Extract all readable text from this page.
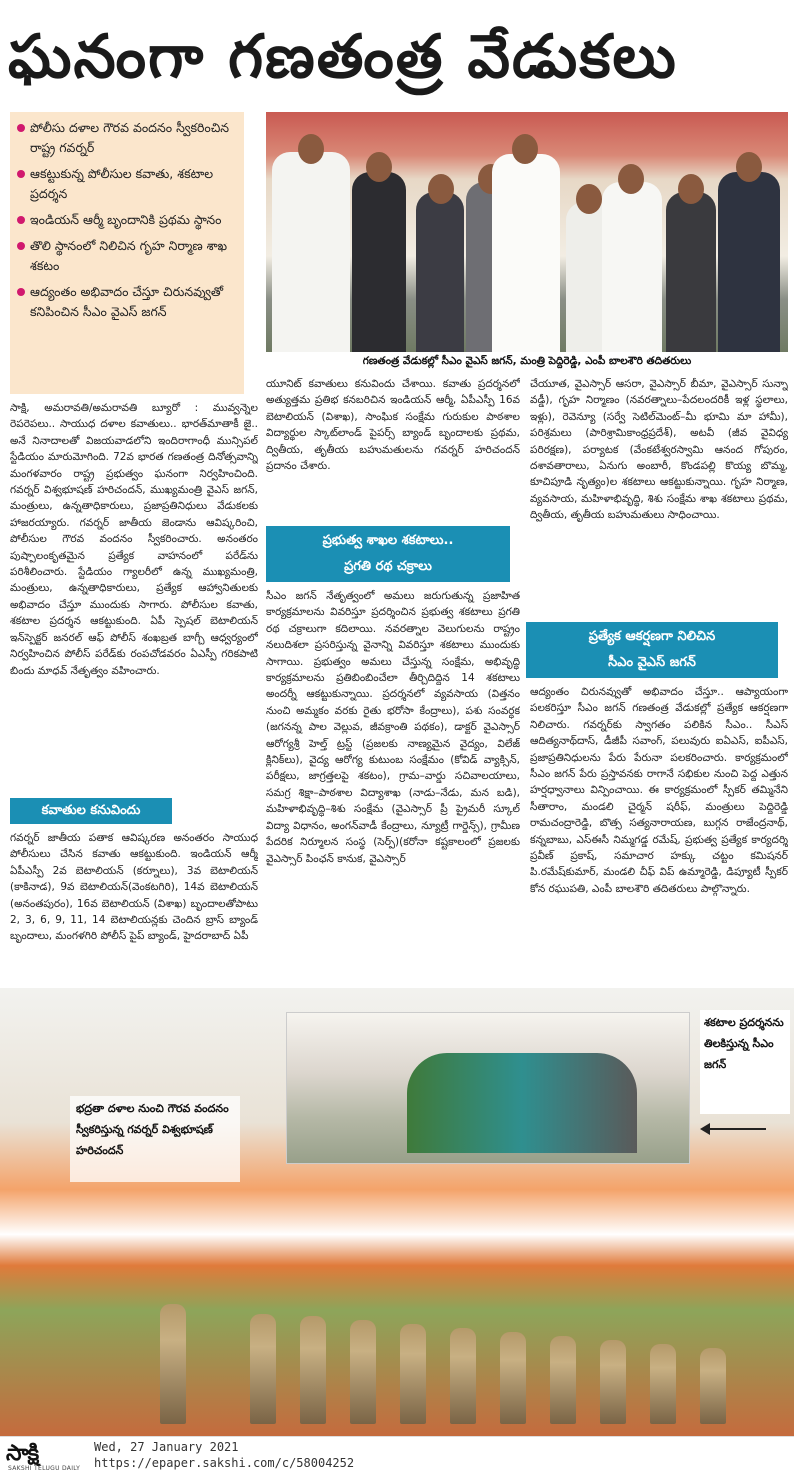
ఘనంగా గణతంత్ర వేడుకలు
పోలీసు దళాల గౌరవ వందనం స్వీకరించిన రాష్ట్ర గవర్నర్‌
ఆకట్టుకున్న పోలీసుల కవాతు, శకటాల ప్రదర్శన
ఇండియన్‌ ఆర్మీ బృందానికి ప్రథమ స్థానం
తొలి స్థానంలో నిలిచిన గృహ నిర్మాణ శాఖ శకటం
ఆద్యంతం అభివాదం చేస్తూ చిరునవ్వుతో కనిపించిన సీఎం వైఎస్‌ జగన్‌
గణతంత్ర వేడుకల్లో సీఎం వైఎస్‌ జగన్‌, మంత్రి పెద్దిరెడ్డి, ఎంపీ బాలశౌరి తదితరులు

సాక్షి, అమరావతి/అమరావతి బ్యూరో : మువ్వన్నెల రెపరెపలు.. సాయుధ దళాల కవాతులు.. భారత్‌మాతాకీ జై.. అనే నినాదాలతో విజయవాడలోని ఇందిరాగాంధీ మున్సిపల్‌ స్టేడియం మారుమోగింది. 72వ భారత గణతంత్ర దినోత్సవాన్ని మంగళవారం రాష్ట్ర ప్రభుత్వం ఘనంగా నిర్వహించింది. గవర్నర్‌ విశ్వభూషణ్‌ హరిచందన్‌, ముఖ్యమంత్రి వైఎస్‌ జగన్‌, మంత్రులు, ఉన్నతాధికారులు, ప్రజాప్రతినిధులు వేడుకలకు హాజరయ్యారు. గవర్నర్‌ జాతీయ జెండాను ఆవిష్కరించి, పోలీసుల గౌరవ వందనం స్వీకరించారు. అనంతరం పుష్పాలంకృతమైన ప్రత్యేక వాహనంలో పరేడ్‌ను పరిశీలించారు. స్టేడియం గ్యాలరీలో ఉన్న ముఖ్యమంత్రి, మంత్రులు, ఉన్నతాధికారులు, ప్రత్యేక ఆహ్వానితులకు అభివాదం చేస్తూ ముందుకు సాగారు. పోలీసుల కవాతు, శకటాల ప్రదర్శన ఆకట్టుకుంది. ఏపీ స్పెషల్‌ బెటాలియన్‌ ఇన్‌స్పెక్టర్‌ జనరల్‌ ఆఫ్‌ పోలీస్‌ శంఖబ్రత బాగ్చీ ఆధ్వర్యంలో నిర్వహించిన పోలీస్‌ పరేడ్‌కు రంపచోడవరం ఏఎస్పీ గరికపాటి బిందు మాధవ్‌ నేతృత్వం వహించారు.

కవాతుల కనువిందు

గవర్నర్‌ జాతీయ పతాక ఆవిష్కరణ అనంతరం సాయుధ పోలీసులు చేసిన కవాతు ఆకట్టుకుంది. ఇండియన్‌ ఆర్మీ ఏపీఎస్పీ 2వ బెటాలియన్‌ (కర్నూలు), 3వ బెటాలియన్‌ (కాకినాడ), 9వ బెటాలియన్‌(వెంకటగిరి), 14వ బెటాలియన్‌ (అనంతపురం), 16వ బెటాలియన్‌ (విశాఖ) బృందాలతోపాటు 2, 3, 6, 9, 11, 14 బెటాలియన్లకు చెందిన బ్రాస్‌ బ్యాండ్‌ బృందాలు, మంగళగిరి పోలీస్‌ పైప్‌ బ్యాండ్‌, హైదరాబాద్‌ ఏపీ

యూనిట్‌ కవాతులు కనువిందు చేశాయి. కవాతు ప్రదర్శనలో అత్యుత్తమ ప్రతిభ కనబరిచిన ఇండియన్‌ ఆర్మీ, ఏపీఎస్పీ 16వ బెటాలియన్‌ (విశాఖ), సాంఘిక సంక్షేమ గురుకుల పాఠశాల విద్యార్థుల స్కాట్‌లాండ్‌ పైపర్స్‌ బ్యాండ్‌ బృందాలకు ప్రథమ, ద్వితీయ, తృతీయ బహుమతులను గవర్నర్‌ హరిచందన్‌ ప్రదానం చేశారు.

ప్రభుత్వ శాఖల శకటాలు..
ప్రగతి రథ చక్రాలు

సీఎం జగన్‌ నేతృత్వంలో అమలు జరుగుతున్న ప్రజాహిత కార్యక్రమాలను వివరిస్తూ ప్రదర్శించిన ప్రభుత్వ శకటాలు ప్రగతి రథ చక్రాలుగా కదిలాయి. నవరత్నాల వెలుగులను రాష్ట్రం నలుదిశలా ప్రసరిస్తున్న వైనాన్ని వివరిస్తూ శకటాలు ముందుకు సాగాయి. ప్రభుత్వం అమలు చేస్తున్న సంక్షేమ, అభివృద్ధి కార్యక్రమాలను ప్రతిబింబించేలా తీర్చిదిద్దిన 14 శకటాలు అందర్నీ ఆకట్టుకున్నాయి. ప్రదర్శనలో వ్యవసాయ (విత్తనం నుంచి అమ్మకం వరకు రైతు భరోసా కేంద్రాలు), పశు సంవర్ధక (జగనన్న పాల వెల్లువ, జీవక్రాంతి పథకం), డాక్టర్‌ వైఎస్సార్‌ ఆరోగ్యశ్రీ హెల్త్‌ ట్రస్ట్‌ (ప్రజలకు నాణ్యమైన వైద్యం, విలేజ్‌ క్లినిక్‌లు), వైద్య ఆరోగ్య కుటుంబ సంక్షేమం (కోవిడ్‌ వ్యాక్సిన్‌, పరీక్షలు, జాగ్రత్తలపై శకటం), గ్రామ–వార్డు సచివాలయాలు, సమగ్ర శిక్షా–పాఠశాల విద్యాశాఖ (నాడు–నేడు, మన బడి), మహిళాభివృద్ధి–శిశు సంక్షేమ (వైఎస్సార్‌ ప్రీ ప్రైమరీ స్కూల్‌ విద్యా విధానం, అంగన్‌వాడీ కేంద్రాలు, న్యూట్రీ గార్డెన్స్‌), గ్రామీణ పేదరిక నిర్మూలన సంస్థ (సెర్ప్‌)(కరోనా కష్టకాలంలో ప్రజలకు వైఎస్సార్‌ పింఛన్‌ కానుక, వైఎస్సార్‌

చేయూత, వైఎస్సార్‌ ఆసరా, వైఎస్సార్‌ బీమా, వైఎస్సార్‌ సున్నా వడ్డీ), గృహ నిర్మాణం (నవరత్నాలు–పేదలందరికీ ఇళ్ల స్థలాలు, ఇళ్లు), రెవెన్యూ (సర్వే సెటిల్‌మెంట్‌–మీ భూమి మా హామీ), పరిశ్రమలు (పారిశ్రామికాంధ్రప్రదేశ్‌), అటవీ (జీవ వైవిధ్య పరిరక్షణ), పర్యాటక (వేంకటేశ్వరస్వామి ఆనంద గోపురం, దశావతారాలు, ఏనుగు అంబారీ, కొండపల్లి కొయ్య బొమ్మ, కూచిపూడి నృత్యం)ల శకటాలు ఆకట్టుకున్నాయి. గృహ నిర్మాణ, వ్యవసాయ, మహిళాభివృద్ధి, శిశు సంక్షేమ శాఖ శకటాలు ప్రథమ, ద్వితీయ, తృతీయ బహుమతులు సాధించాయి.

ప్రత్యేక ఆకర్షణగా నిలిచిన
సీఎం వైఎస్‌ జగన్‌

ఆద్యంతం చిరునవ్వుతో అభివాదం చేస్తూ.. ఆప్యాయంగా పలకరిస్తూ సీఎం జగన్‌ గణతంత్ర వేడుకల్లో ప్రత్యేక ఆకర్షణగా నిలిచారు. గవర్నర్‌కు స్వాగతం పలికిన సీఎం.. సీఎస్‌ ఆదిత్యనాథ్‌దాస్‌, డీజీపీ సవాంగ్‌, పలువురు ఐఏఎస్‌, ఐపీఎస్‌, ప్రజాప్రతినిధులను పేరు పేరునా పలకరించారు. కార్యక్రమంలో సీఎం జగన్‌ పేరు ప్రస్తావనకు రాగానే సభికుల నుంచి పెద్ద ఎత్తున హర్షధ్వానాలు విన్పించాయి. ఈ కార్యక్రమంలో స్పీకర్‌ తమ్మినేని సీతారాం, మండలి చైర్మన్‌ షరీఫ్‌, మంత్రులు పెద్దిరెడ్డి రామచంద్రారెడ్డి, బొత్స సత్యనారాయణ, బుగ్గన రాజేంద్రనాథ్‌, కన్నబాబు, ఎస్‌ఈసీ నిమ్మగడ్డ రమేష్‌, ప్రభుత్వ ప్రత్యేక కార్యదర్శి ప్రవీణ్‌ ప్రకాష్‌, సమాచార హక్కు చట్టం కమిషనర్‌ పి.రమేష్‌కుమార్‌, మండలి చీఫ్‌ విప్‌ ఉమ్మారెడ్డి, డిప్యూటీ స్పీకర్‌ కోన రఘుపతి, ఎంపీ బాలశౌరి తదితరులు పాల్గొన్నారు.

భద్రతా దళాల నుంచి గౌరవ వందనం స్వీకరిస్తున్న గవర్నర్‌ విశ్వభూషణ్‌ హరిచందన్‌
శకటాల ప్రదర్శనను తిలకిస్తున్న సీఎం జగన్‌
సాక్షి
SAKSHI TELUGU DAILY
Wed, 27 January 2021
https://epaper.sakshi.com/c/58004252
